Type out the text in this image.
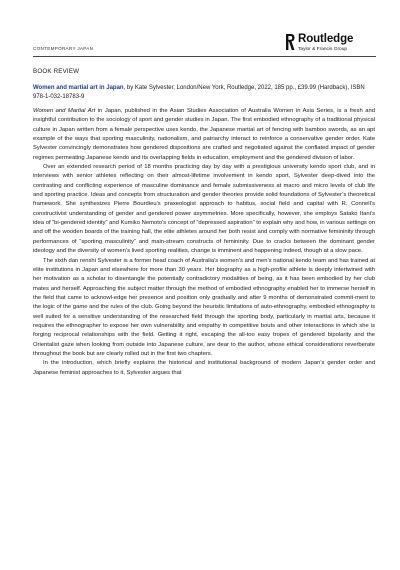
CONTEMPORARY JAPAN
Routledge
Taylor & Francis Group
BOOK REVIEW
Women and martial art in Japan, by Kate Sylvester, London/New York, Routledge, 2022, 185 pp., £39.99 (Hardback), ISBN 978-1-032-18783-9

Women and Martial Art in Japan, published in the Asian Studies Association of Australia Women in Asia Series, is a fresh and insightful contribution to the sociology of sport and gender studies in Japan. The first embodied ethnography of a traditional physical culture in Japan written from a female perspective uses kendo, the Japanese martial art of fencing with bamboo swords, as an apt example of the ways that sporting masculinity, nationalism, and patriarchy interact to reinforce a conservative gender order. Kate Sylvester convincingly demonstrates how gendered dispositions are crafted and negotiated against the conflated impact of gender regimes permeating Japanese kendo and its overlapping fields in education, employment and the gendered division of labor.

Over an extended research period of 18 months practicing day by day with a prestigious university kendo sport club, and in interviews with senior athletes reflecting on their almost-lifetime involvement in kendo sport, Sylvester deep-dived into the contrasting and conflicting experience of masculine dominance and female submissiveness at macro and micro levels of club life and sporting practice. Ideas and concepts from structuration and gender theories provide solid foundations of Sylvester’s theoretical framework. She synthesizes Pierre Bourdieu’s praxeologist approach to habitus, social field and capital with R. Connell’s constructivist understanding of gender and gendered power asymmetries. More specifically, however, she employs Satako Itani’s idea of “bi-gendered identity” and Kumiko Nemoto’s concept of “depressed aspiration” to explain why and how, in various settings on and off the wooden boards of the training hall, the elite athletes around her both resist and comply with normative femininity through performances of “sporting masculinity” and main-stream constructs of femininity. Due to cracks between the dominant gender ideology and the diversity of women’s lived sporting realities, change is imminent and happening indeed, though at a slow pace.

The sixth dan renshi Sylvester is a former head coach of Australia’s women’s and men’s national kendo team and has trained at elite institutions in Japan and elsewhere for more than 30 years. Her biography as a high-profile athlete is deeply intertwined with her motivation as a scholar to disentangle the potentially contradictory modalities of being, as it has been embodied by her club mates and herself. Approaching the subject matter through the method of embodied ethnography enabled her to immerse herself in the field that came to acknowl-edge her presence and position only gradually and after 9 months of demonstrated commit-ment to the logic of the game and the rules of the club. Going beyond the heuristic limitations of auto-ethnography, embodied ethnography is well suited for a sensitive understanding of the researched field through the sporting body, particularly in martial arts, because it requires the ethnographer to expose her own vulnerability and empathy in competitive bouts and other interactions in which she is forging reciprocal relationships with the field. Getting it right, escaping the all-too easy tropes of gendered bipolarity and the Orientalist gaze when looking from outside into Japanese culture, are dear to the author, whose ethical considerations reverberate throughout the book but are clearly rolled out in the first two chapters.

In the introduction, which briefly explains the historical and institutional background of modern Japan’s gender order and Japanese feminist approaches to it, Sylvester argues that
